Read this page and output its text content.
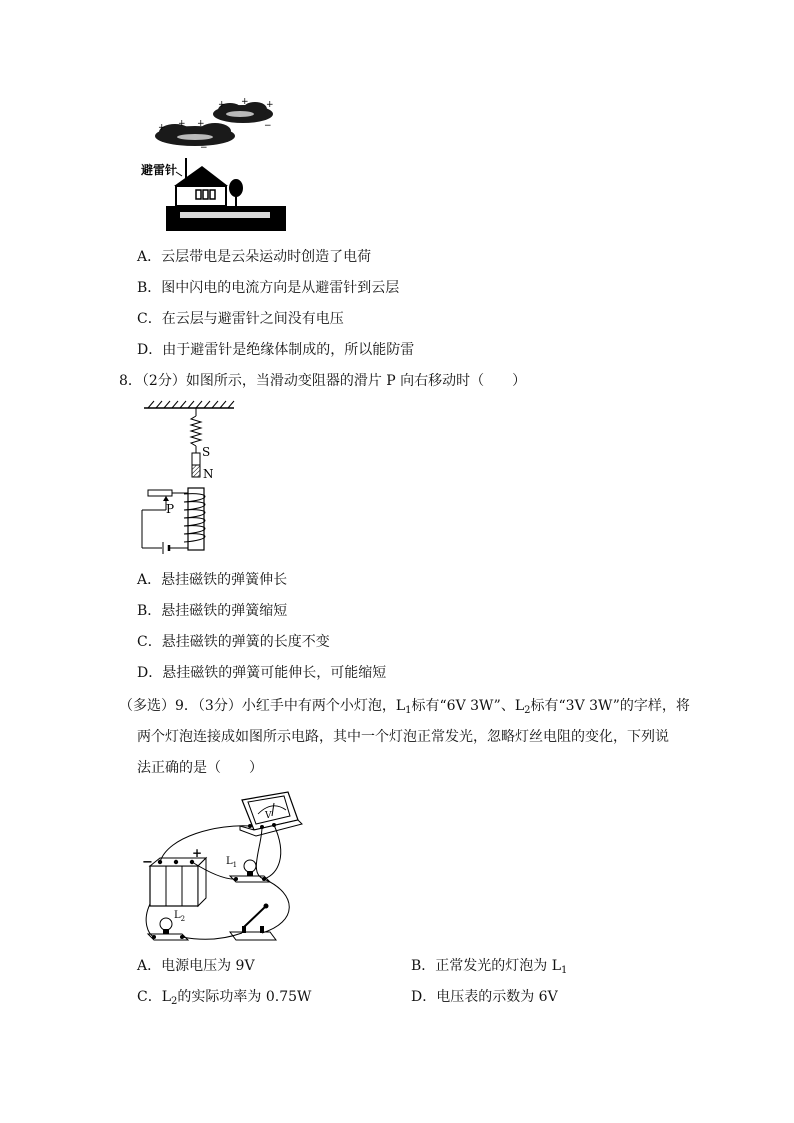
+ + +
−
+ + +
−
避雷针
A．云层带电是云朵运动时创造了电荷
B．图中闪电的电流方向是从避雷针到云层
C．在云层与避雷针之间没有电压
D．由于避雷针是绝缘体制成的，所以能防雷
8．（2分）如图所示，当滑动变阻器的滑片 P 向右移动时（　　）
S
N
P
A．悬挂磁铁的弹簧伸长
B．悬挂磁铁的弹簧缩短
C．悬挂磁铁的弹簧的长度不变
D．悬挂磁铁的弹簧可能伸长，可能缩短
（多选）9．（3分）小红手中有两个小灯泡，$L_1$标有“6V 3W”、$L_2$标有“3V 3W”的字样，将
两个灯泡连接成如图所示电路，其中一个灯泡正常发光，忽略灯丝电阻的变化，下列说
法正确的是（　　）
V
−
+
$L_1$
$L_2$
A．电源电压为 9V	B．正常发光的灯泡为 $L_1$
C．$L_2$的实际功率为 0.75W	D．电压表的示数为 6V
